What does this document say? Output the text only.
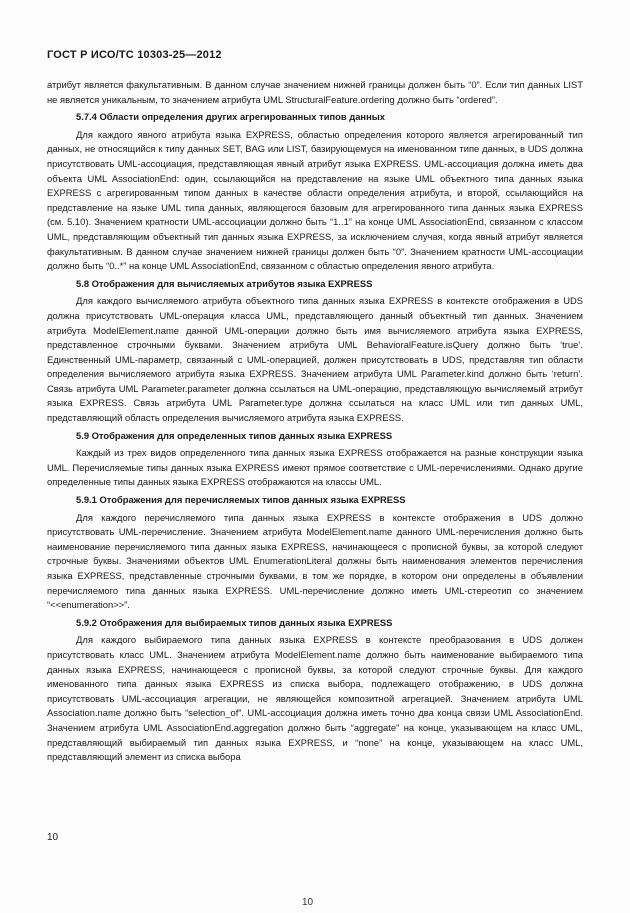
ГОСТ Р ИСО/ТС 10303-25—2012

атрибут является факультативным. В данном случае значением нижней границы должен быть “0”. Если тип данных LIST не является уникальным, то значением атрибута UML StructuralFeature.ordering должно быть “ordered”.

5.7.4 Области определения других агрегированных типов данных

Для каждого явного атрибута языка EXPRESS, областью определения которого является агрегированный тип данных, не относящийся к типу данных SET, BAG или LIST, базирующемуся на именованном типе данных, в UDS должна присутствовать UML-ассоциация, представляющая явный атрибут языка EXPRESS. UML-ассоциация должна иметь два объекта UML AssociationEnd: один, ссылающийся на представление на языке UML объектного типа данных языка EXPRESS с агрегированным типом данных в качестве области определения атрибута, и второй, ссылающийся на представление на языке UML типа данных, являющегося базовым для агрегированного типа данных языка EXPRESS (см. 5.10). Значением кратности UML-ассоциации должно быть “1..1” на конце UML AssociationEnd, связанном с классом UML, представляющим объектный тип данных языка EXPRESS, за исключением случая, когда явный атрибут является факультативным. В данном случае значением нижней границы должен быть “0”. Значением кратности UML-ассоциации должно быть “0..*” на конце UML AssociationEnd, связанном с областью определения явного атрибута.

5.8 Отображения для вычисляемых атрибутов языка EXPRESS

Для каждого вычисляемого атрибута объектного типа данных языка EXPRESS в контексте отображения в UDS должна присутствовать UML-операция класса UML, представляющего данный объектный тип данных. Значением атрибута ModelElement.name данной UML-операции должно быть имя вычисляемого атрибута языка EXPRESS, представленное строчными буквами. Значением атрибута UML BehavioralFeature.isQuery должно быть ‘true’. Единственный UML-параметр, связанный с UML-операцией, должен присутствовать в UDS, представляя тип области определения вычисляемого атрибута языка EXPRESS. Значением атрибута UML Parameter.kind должно быть ‘return’. Связь атрибута UML Parameter.parameter должна ссылаться на UML-операцию, представляющую вычисляемый атрибут языка EXPRESS. Связь атрибута UML Parameter.type должна ссылаться на класс UML или тип данных UML, представляющий область определения вычисляемого атрибута языка EXPRESS.

5.9 Отображения для определенных типов данных языка EXPRESS

Каждый из трех видов определенного типа данных языка EXPRESS отображается на разные конструкции языка UML. Перечисляемые типы данных языка EXPRESS имеют прямое соответствие с UML-перечислениями. Однако другие определенные типы данных языка EXPRESS отображаются на классы UML.

5.9.1 Отображения для перечисляемых типов данных языка EXPRESS

Для каждого перечисляемого типа данных языка EXPRESS в контексте отображения в UDS должно присутствовать UML-перечисление. Значением атрибута ModelElement.name данного UML-перечисления должно быть наименование перечисляемого типа данных языка EXPRESS, начинающееся с прописной буквы, за которой следуют строчные буквы. Значениями объектов UML EnumerationLiteral должны быть наименования элементов перечисления языка EXPRESS, представленные строчными буквами, в том же порядке, в котором они определены в объявлении перечисляемого типа данных языка EXPRESS. UML-перечисление должно иметь UML-стереотип со значением “<<enumeration>>”.

5.9.2 Отображения для выбираемых типов данных языка EXPRESS

Для каждого выбираемого типа данных языка EXPRESS в контексте преобразования в UDS должен присутствовать класс UML. Значением атрибута ModelElement.name должно быть наименование выбираемого типа данных языка EXPRESS, начинающееся с прописной буквы, за которой следуют строчные буквы. Для каждого именованного типа данных языка EXPRESS из списка выбора, подлежащего отображению, в UDS должна присутствовать UML-ассоциация агрегации, не являющейся композитной агрегацией. Значением атрибута UML Association.name должно быть “selection_of”. UML-ассоциация должна иметь точно два конца связи UML AssociationEnd. Значением атрибута UML AssociationEnd.aggregation должно быть “aggregate” на конце, указывающем на класс UML, представляющий выбираемый тип данных языка EXPRESS, и “none” на конце, указывающем на класс UML, представляющий элемент из списка выбора

10
10
